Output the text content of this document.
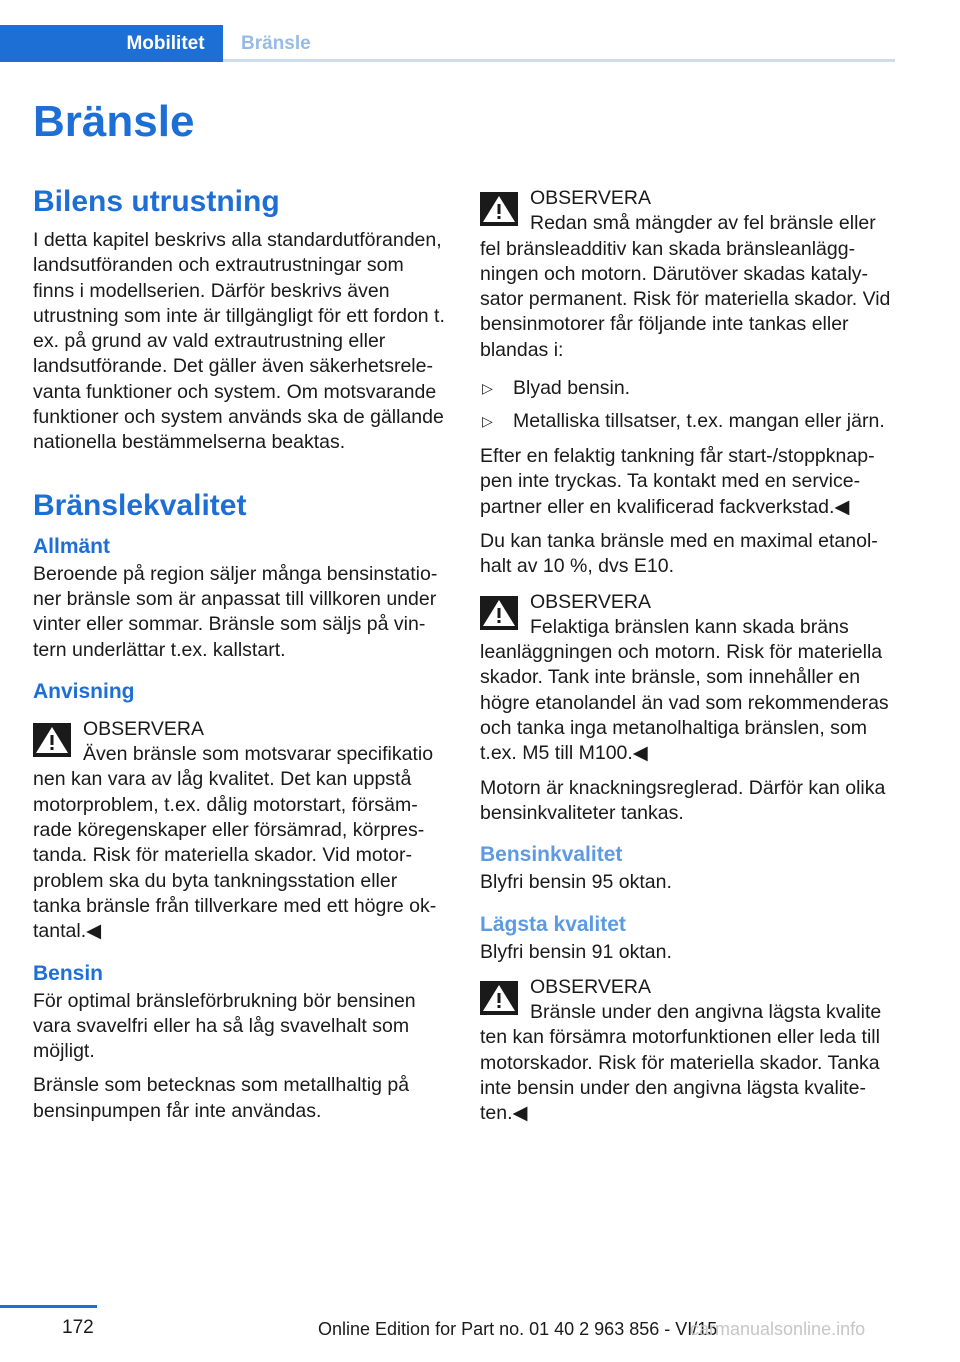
Mobilitet	Bränsle
Bränsle
Bilens utrustning

I detta kapitel beskrivs alla standardutföranden, landsutföranden och extrautrustningar som finns i modellserien. Därför beskrivs även utrustning som inte är tillgängligt för ett fordon t. ex. på grund av vald extrautrustning eller landsutförande. Det gäller även säkerhetsrelevanta funktioner och system. Om motsvarande funktioner och system används ska de gällande nationella bestämmelserna beaktas.

Bränslekvalitet
Allmänt

Beroende på region säljer många bensinstationer bränsle som är anpassat till villkoren under vinter eller sommar. Bränsle som säljs på vintern underlättar t.ex. kallstart.

Anvisning
OBSERVERA
Även bränsle som motsvarar specifikatio
nen kan vara av låg kvalitet. Det kan uppstå motorproblem, t.ex. dålig motorstart, försämrade köregenskaper eller försämrad, körprestanda. Risk för materiella skador. Vid motorproblem ska du byta tankningsstation eller tanka bränsle från tillverkare med ett högre oktantal.◀
Bensin

För optimal bränsleförbrukning bör bensinen vara svavelfri eller ha så låg svavelhalt som möjligt.

Bränsle som betecknas som metallhaltig på bensinpumpen får inte användas.

OBSERVERA
Redan små mängder av fel bränsle eller
fel bränsleadditiv kan skada bränsleanläggningen och motorn. Därutöver skadas katalysator permanent. Risk för materiella skador. Vid bensinmotorer får följande inte tankas eller blandas i:
▷ Blyad bensin.
▷ Metalliska tillsatser, t.ex. mangan eller järn.

Efter en felaktig tankning får start-/stoppknappen inte tryckas. Ta kontakt med en servicepartner eller en kvalificerad fackverkstad.◀

Du kan tanka bränsle med en maximal etanolhalt av 10 %, dvs E10.

OBSERVERA
Felaktiga bränslen kann skada bräns
leanläggningen och motorn. Risk för materiella skador. Tank inte bränsle, som innehåller en högre etanolandel än vad som rekommenderas och tanka inga metanolhaltiga bränslen, som t.ex. M5 till M100.◀

Motorn är knackningsreglerad. Därför kan olika bensinkvaliteter tankas.

Bensinkvalitet

Blyfri bensin 95 oktan.

Lägsta kvalitet

Blyfri bensin 91 oktan.

OBSERVERA
Bränsle under den angivna lägsta kvalite
ten kan försämra motorfunktionen eller leda till motorskador. Risk för materiella skador. Tanka inte bensin under den angivna lägsta kvaliteten.◀
172	Online Edition for Part no. 01 40 2 963 856 - VI/15
carmanualsonline.info
